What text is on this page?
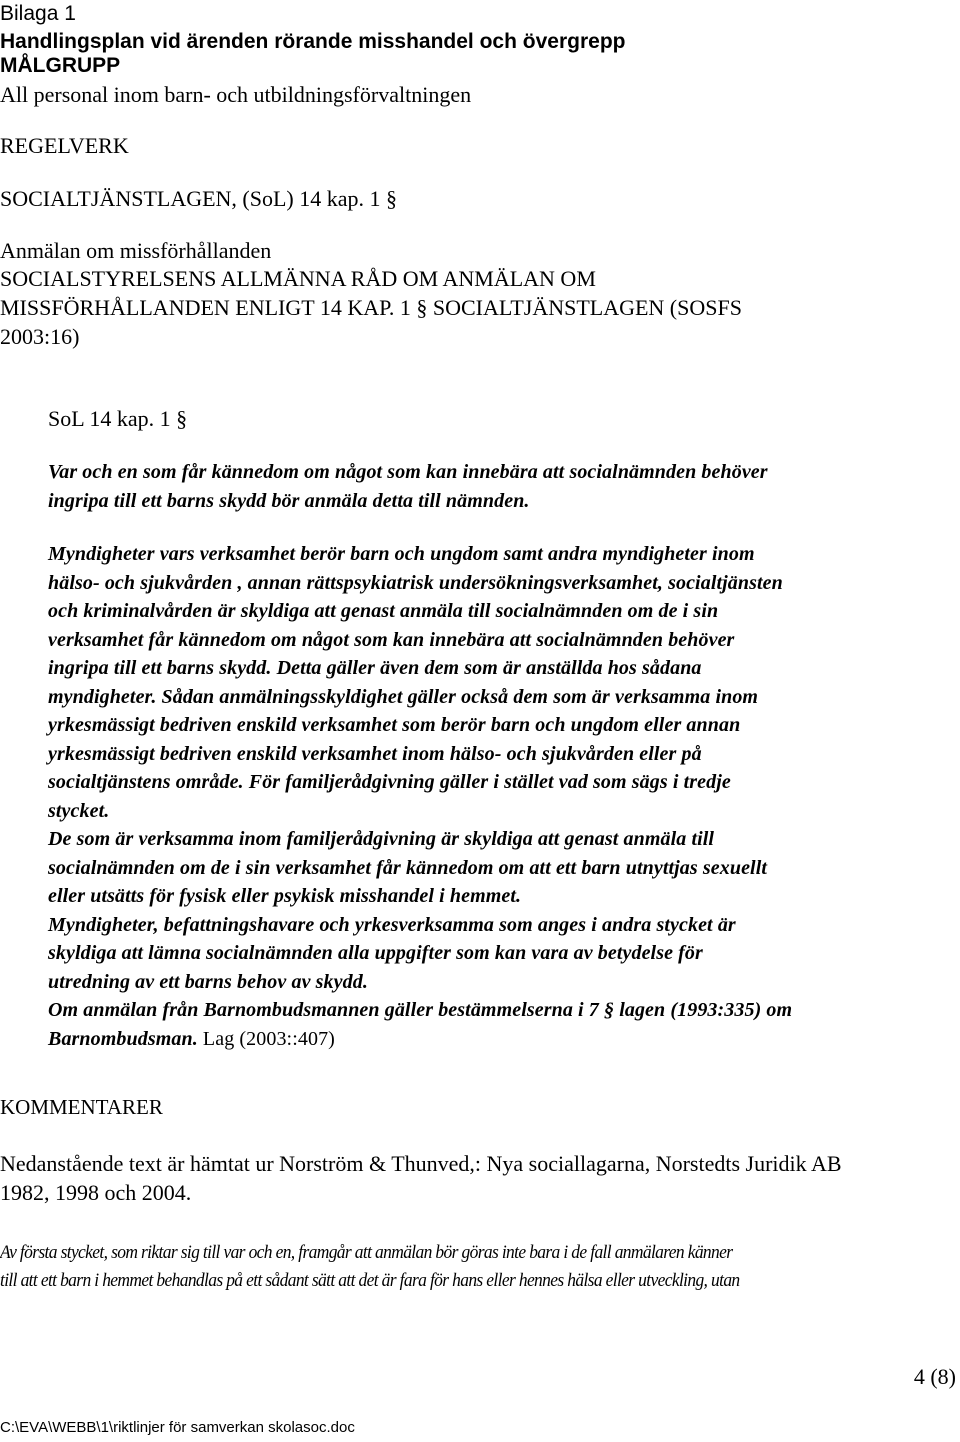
Bilaga 1
Handlingsplan vid ärenden rörande misshandel och övergrepp
MÅLGRUPP
All personal inom barn- och utbildningsförvaltningen
REGELVERK
SOCIALTJÄNSTLAGEN, (SoL) 14 kap. 1 §
Anmälan om missförhållanden
SOCIALSTYRELSENS ALLMÄNNA RÅD OM ANMÄLAN OM
MISSFÖRHÅLLANDEN ENLIGT 14 KAP. 1 § SOCIALTJÄNSTLAGEN (SOSFS
2003:16)
SoL 14 kap. 1 §
Var och en som får kännedom om något som kan innebära att socialnämnden behöver
ingripa till ett barns skydd bör anmäla detta till nämnden.
Myndigheter vars verksamhet berör barn och ungdom samt andra myndigheter inom
hälso- och sjukvården , annan rättspsykiatrisk undersökningsverksamhet, socialtjänsten
och kriminalvården är skyldiga att genast anmäla till socialnämnden om de i sin
verksamhet får kännedom om något som kan innebära att socialnämnden behöver
ingripa till ett barns skydd. Detta gäller även dem som är anställda hos sådana
myndigheter. Sådan anmälningsskyldighet gäller också dem som är verksamma inom
yrkesmässigt bedriven enskild verksamhet som berör barn och ungdom eller annan
yrkesmässigt bedriven enskild verksamhet inom hälso- och sjukvården eller på
socialtjänstens område. För familjerådgivning gäller i stället vad som sägs i tredje
stycket.
De som är verksamma inom familjerådgivning är skyldiga att genast anmäla till
socialnämnden om de i sin verksamhet får kännedom om att ett barn utnyttjas sexuellt
eller utsätts för fysisk eller psykisk misshandel i hemmet.
Myndigheter, befattningshavare och yrkesverksamma som anges i andra stycket är
skyldiga att lämna socialnämnden alla uppgifter som kan vara av betydelse för
utredning av ett barns behov av skydd.
Om anmälan från Barnombudsmannen gäller bestämmelserna i 7 § lagen (1993:335) om
Barnombudsman. Lag (2003::407)
KOMMENTARER
Nedanstående text är hämtat ur Norström & Thunved,: Nya sociallagarna, Norstedts Juridik AB
1982, 1998 och 2004.
Av första stycket, som riktar sig till var och en, framgår att anmälan bör göras inte bara i de fall anmälaren känner
till att ett barn i hemmet behandlas på ett sådant sätt att det är fara för hans eller hennes hälsa eller utveckling, utan
4 (8)
C:\EVA\WEBB\1\riktlinjer för samverkan skolasoc.doc
